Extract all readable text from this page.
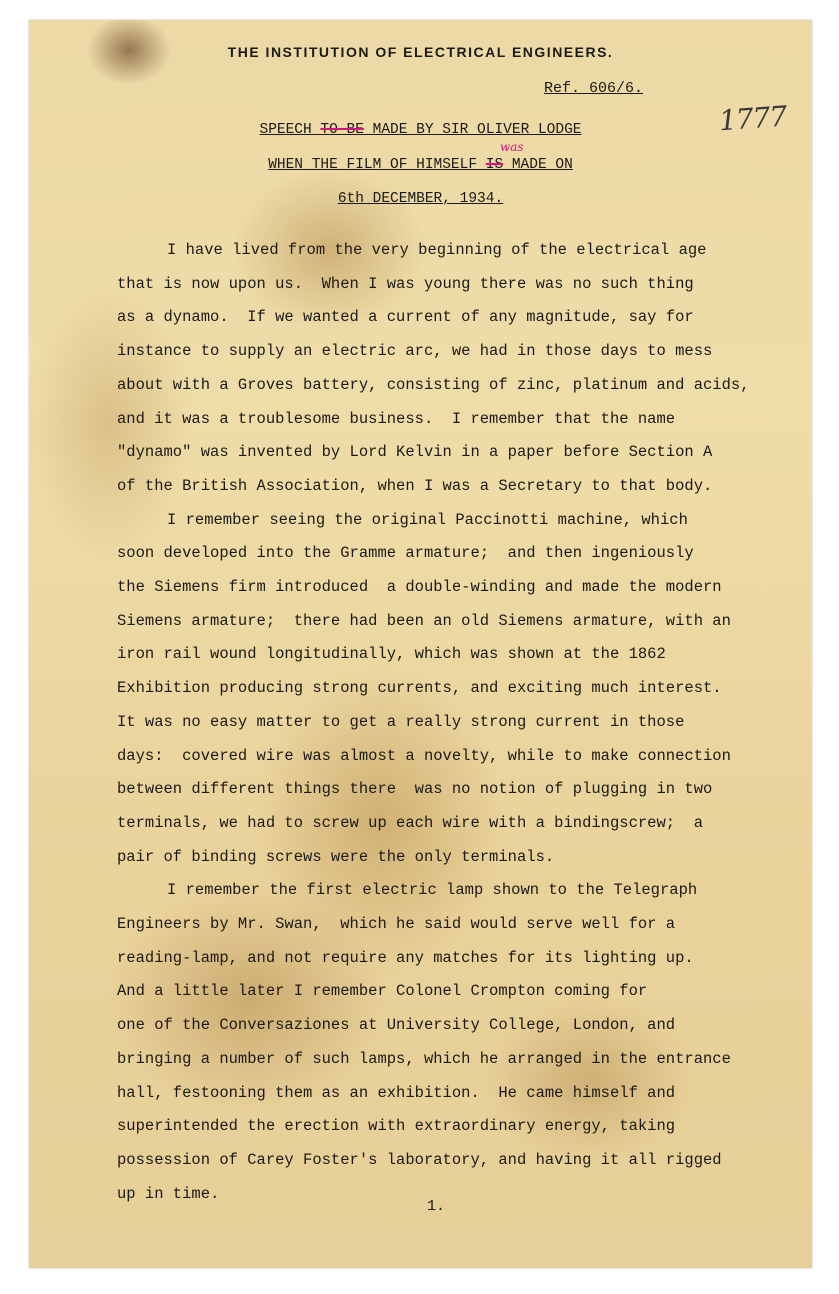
THE INSTITUTION OF ELECTRICAL ENGINEERS.
Ref. 606/6.
1777
SPEECH TO BE MADE BY SIR OLIVER LODGE
WHEN THE FILM OF HIMSELF IS MADE ON
was
6th DECEMBER, 1934.

I have lived from the very beginning of the electrical age

that is now upon us.  When I was young there was no such thing

as a dynamo.  If we wanted a current of any magnitude, say for

instance to supply an electric arc, we had in those days to mess

about with a Groves battery, consisting of zinc, platinum and acids,

and it was a troublesome business.  I remember that the name

"dynamo" was invented by Lord Kelvin in a paper before Section A

of the British Association, when I was a Secretary to that body.

I remember seeing the original Paccinotti machine, which

soon developed into the Gramme armature;  and then ingeniously

the Siemens firm introduced  a double-winding and made the modern

Siemens armature;  there had been an old Siemens armature, with an

iron rail wound longitudinally, which was shown at the 1862

Exhibition producing strong currents, and exciting much interest.

It was no easy matter to get a really strong current in those

days:  covered wire was almost a novelty, while to make connection

between different things there  was no notion of plugging in two

terminals, we had to screw up each wire with a bindingscrew;  a

pair of binding screws were the only terminals.

I remember the first electric lamp shown to the Telegraph

Engineers by Mr. Swan,  which he said would serve well for a

reading-lamp, and not require any matches for its lighting up.

And a little later I remember Colonel Crompton coming for

one of the Conversaziones at University College, London, and

bringing a number of such lamps, which he arranged in the entrance

hall, festooning them as an exhibition.  He came himself and

superintended the erection with extraordinary energy, taking

possession of Carey Foster's laboratory, and having it all rigged

up in time.

1.
